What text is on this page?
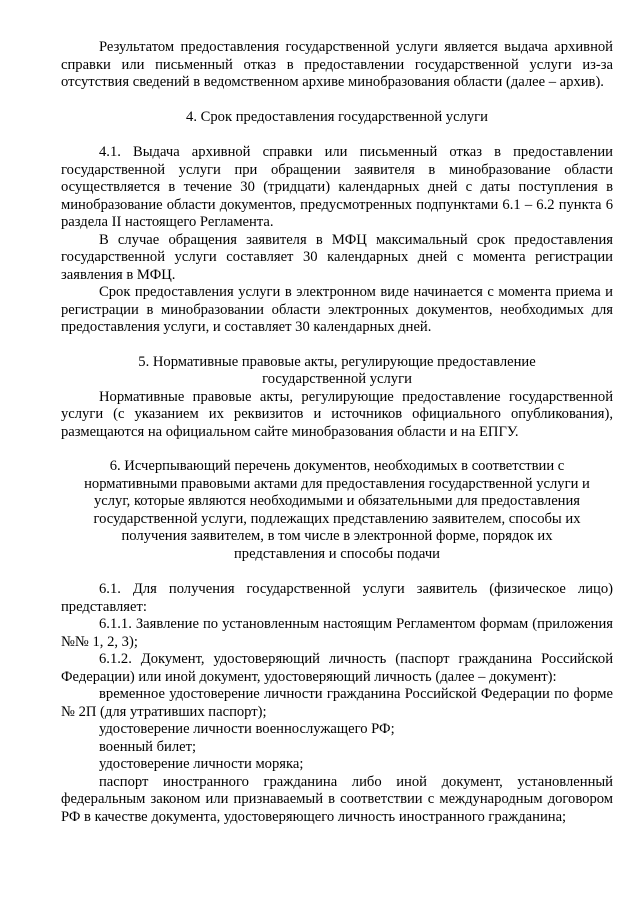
Результатом предоставления государственной услуги является выдача архивной справки или письменный отказ в предоставлении государственной услуги из-за отсутствия сведений в ведомственном архиве минобразования области (далее – архив).

4. Срок предоставления государственной услуги

4.1. Выдача архивной справки или письменный отказ в предоставлении государственной услуги при обращении заявителя в минобразование области осуществляется в течение 30 (тридцати) календарных дней с даты поступления в минобразование области документов, предусмотренных подпунктами 6.1 – 6.2 пункта 6 раздела II настоящего Регламента.

В случае обращения заявителя в МФЦ максимальный срок предоставления государственной услуги составляет 30 календарных дней с момента регистрации заявления в МФЦ.

Срок предоставления услуги в электронном виде начинается с момента приема и регистрации в минобразовании области электронных документов, необходимых для предоставления услуги, и составляет 30 календарных дней.

5. Нормативные правовые акты, регулирующие предоставление

государственной услуги

Нормативные правовые акты, регулирующие предоставление государственной услуги (с указанием их реквизитов и источников официального опубликования), размещаются на официальном сайте минобразования области и на ЕПГУ.

6. Исчерпывающий перечень документов, необходимых в соответствии с

нормативными правовыми актами для предоставления государственной услуги и

услуг, которые являются необходимыми и обязательными для предоставления

государственной услуги, подлежащих представлению заявителем, способы их

получения заявителем, в том числе в электронной форме, порядок их

представления и способы подачи

6.1. Для получения государственной услуги заявитель (физическое лицо) представляет:

6.1.1. Заявление по установленным настоящим Регламентом формам (приложения №№ 1, 2, 3);

6.1.2. Документ, удостоверяющий личность (паспорт гражданина Российской Федерации) или иной документ, удостоверяющий личность (далее – документ):

временное удостоверение личности гражданина Российской Федерации по форме № 2П (для утративших паспорт);

удостоверение личности военнослужащего РФ;

военный билет;

удостоверение личности моряка;

паспорт иностранного гражданина либо иной документ, установленный федеральным законом или признаваемый в соответствии с международным договором РФ в качестве документа, удостоверяющего личность иностранного гражданина;
